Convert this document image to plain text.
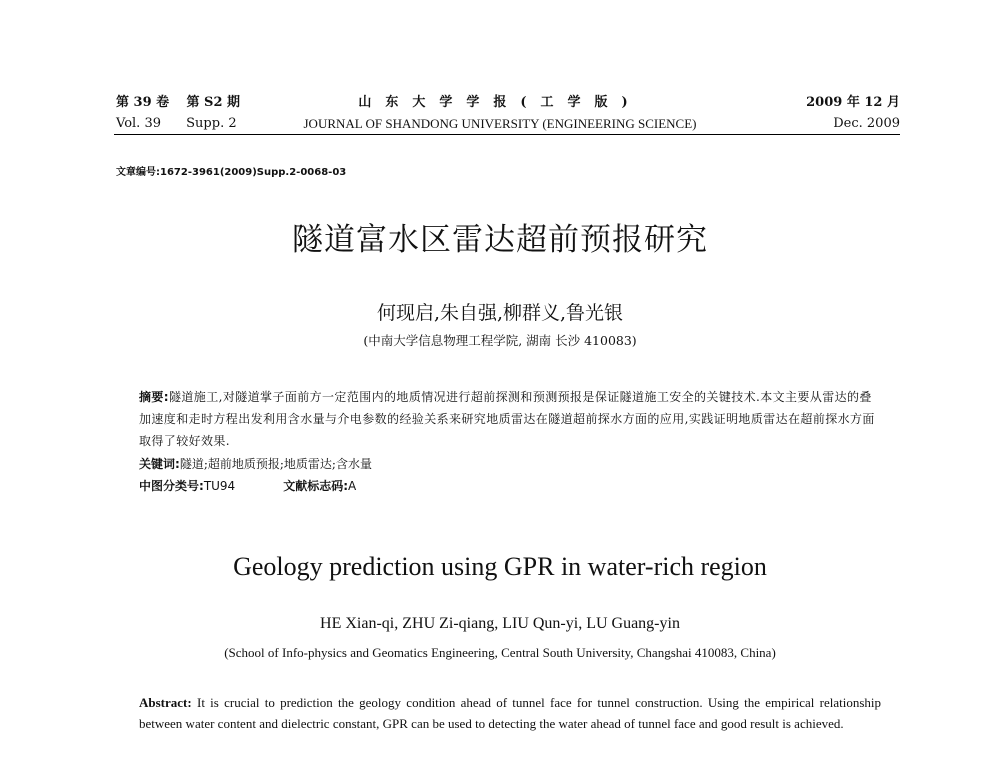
第 39 卷 第 S2 期
Vol. 39 Supp. 2
山东大学学报(工学版)
JOURNAL OF SHANDONG UNIVERSITY (ENGINEERING SCIENCE)
2009 年 12 月
Dec. 2009
文章编号:1672-3961(2009)Supp.2-0068-03
隧道富水区雷达超前预报研究
何现启,朱自强,柳群义,鲁光银
(中南大学信息物理工程学院, 湖南 长沙 410083)
摘要:隧道施工,对隧道掌子面前方一定范围内的地质情况进行超前探测和预测预报是保证隧道施工安全的关键技术.本文主要从雷达的叠加速度和走时方程出发利用含水量与介电参数的经验关系来研究地质雷达在隧道超前探水方面的应用,实践证明地质雷达在超前探水方面取得了较好效果.
关键词:隧道;超前地质预报;地质雷达;含水量
中图分类号:TU94	文献标志码:A
Geology prediction using GPR in water-rich region
HE Xian-qi, ZHU Zi-qiang, LIU Qun-yi, LU Guang-yin
(School of Info-physics and Geomatics Engineering, Central South University, Changshai 410083, China)
Abstract: It is crucial to prediction the geology condition ahead of tunnel face for tunnel construction. Using the empirical relationship between water content and dielectric constant, GPR can be used to detecting the water ahead of tunnel face and good result is achieved.
